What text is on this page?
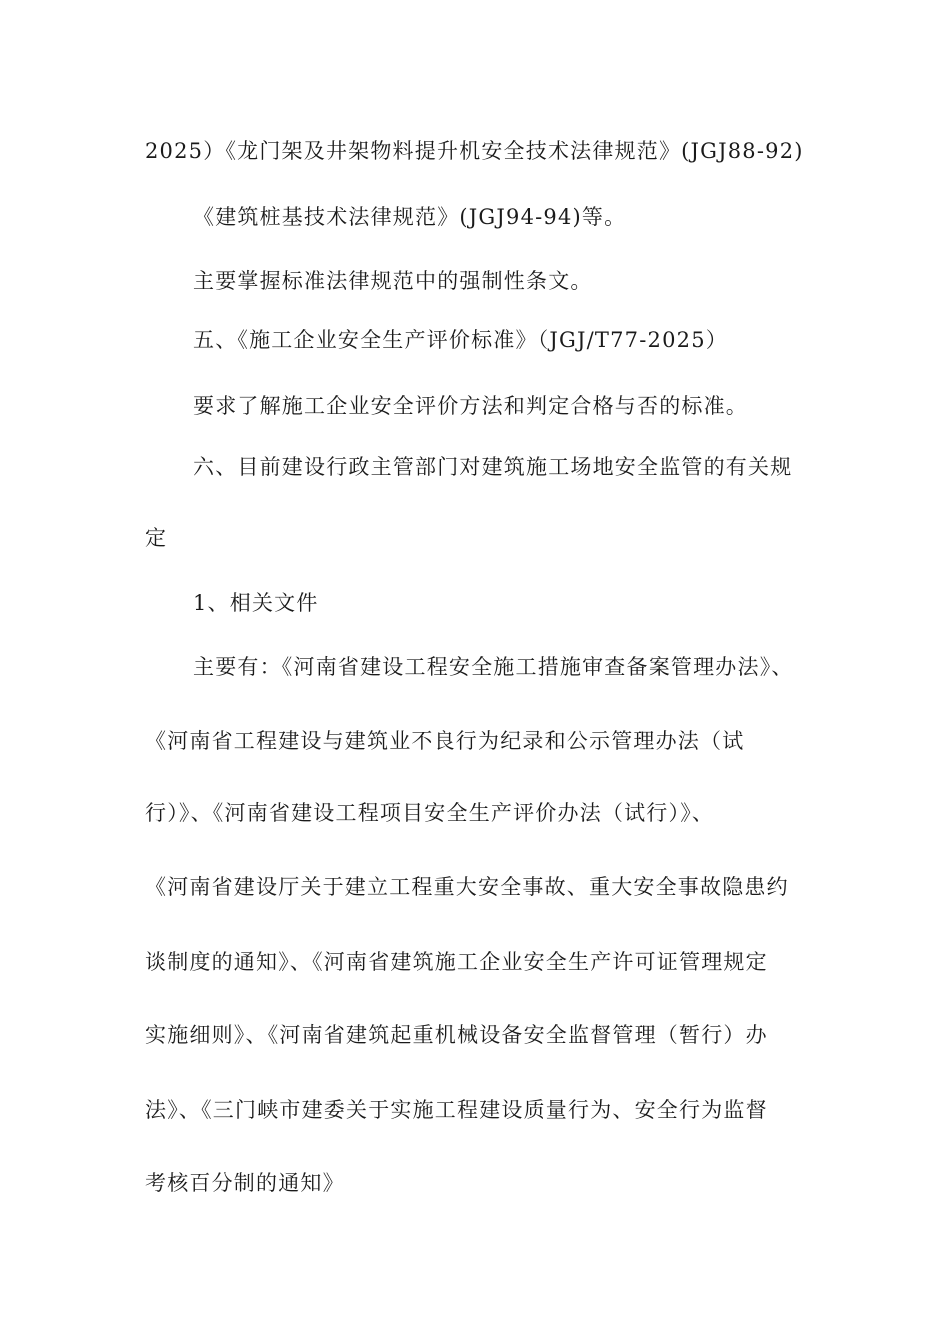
2025）《龙门架及井架物料提升机安全技术法律规范》(JGJ88-92)

《建筑桩基技术法律规范》(JGJ94-94)等。

主要掌握标准法律规范中的强制性条文。

五、《施工企业安全生产评价标准》（JGJ/T77-2025）

要求了解施工企业安全评价方法和判定合格与否的标准。

六、目前建设行政主管部门对建筑施工场地安全监管的有关规

定

1、相关文件

主要有：《河南省建设工程安全施工措施审查备案管理办法》、

《河南省工程建设与建筑业不良行为纪录和公示管理办法（试

行）》、《河南省建设工程项目安全生产评价办法（试行）》、

《河南省建设厅关于建立工程重大安全事故、重大安全事故隐患约

谈制度的通知》、《河南省建筑施工企业安全生产许可证管理规定

实施细则》、《河南省建筑起重机械设备安全监督管理（暂行）办

法》、《三门峡市建委关于实施工程建设质量行为、安全行为监督

考核百分制的通知》
